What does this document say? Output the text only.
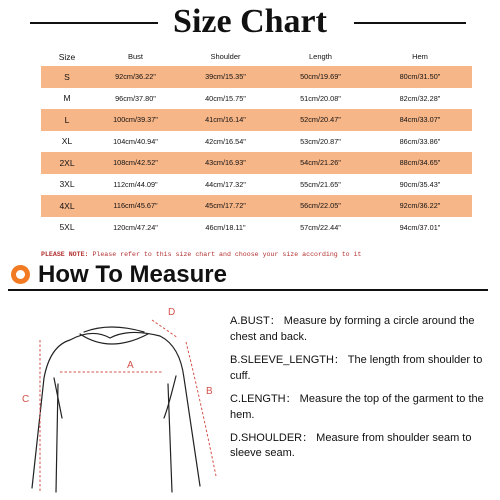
Size Chart
Size	Bust	Shoulder	Length	Hem
S	92cm/36.22"	39cm/15.35"	50cm/19.69"	80cm/31.50"
M	96cm/37.80"	40cm/15.75"	51cm/20.08"	82cm/32.28"
L	100cm/39.37"	41cm/16.14"	52cm/20.47"	84cm/33.07"
XL	104cm/40.94"	42cm/16.54"	53cm/20.87"	86cm/33.86"
2XL	108cm/42.52"	43cm/16.93"	54cm/21.26"	88cm/34.65"
3XL	112cm/44.09"	44cm/17.32"	55cm/21.65"	90cm/35.43"
4XL	116cm/45.67"	45cm/17.72"	56cm/22.05"	92cm/36.22"
5XL	120cm/47.24"	46cm/18.11"	57cm/22.44"	94cm/37.01"
PLEASE NOTE: Please refer to this size chart and choose your size according to it
How To Measure
A
B
C
D

A.BUST： Measure by forming a circle around the chest and back.

B.SLEEVE_LENGTH： The length from shoulder to cuff.

C.LENGTH： Measure the top of the garment to the hem.

D.SHOULDER： Measure from shoulder seam to sleeve seam.
